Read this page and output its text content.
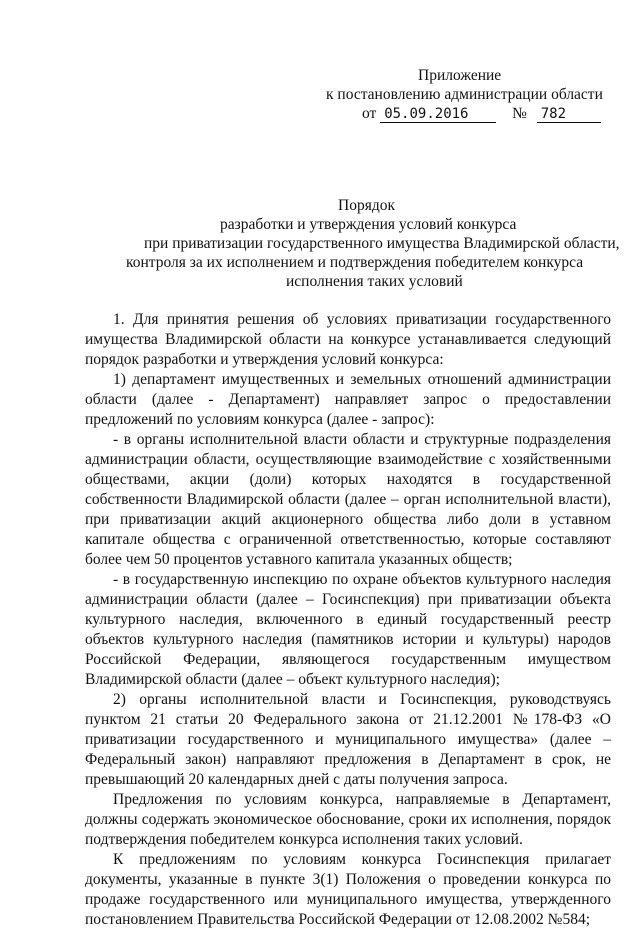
Приложение
к постановлению администрации области
от 05.09.2016	№ 782
Порядок
разработки и утверждения условий конкурса
при приватизации государственного имущества Владимирской области,
контроля за их исполнением и подтверждения победителем конкурса
исполнения таких условий

1. Для принятия решения об условиях приватизации государственного имущества Владимирской области на конкурсе устанавливается следующий порядок разработки и утверждения условий конкурса:

1) департамент имущественных и земельных отношений администрации области (далее - Департамент) направляет запрос о предоставлении предложений по условиям конкурса (далее - запрос):

- в органы исполнительной власти области и структурные подразделения администрации области, осуществляющие взаимодействие с хозяйственными обществами, акции (доли) которых находятся в государственной собственности Владимирской области (далее – орган исполнительной власти), при приватизации акций акционерного общества либо доли в уставном капитале общества с ограниченной ответственностью, которые составляют более чем 50 процентов уставного капитала указанных обществ;

- в государственную инспекцию по охране объектов культурного наследия администрации области (далее – Госинспекция) при приватизации объекта культурного наследия, включенного в единый государственный реестр объектов культурного наследия (памятников истории и культуры) народов Российской Федерации, являющегося государственным имуществом Владимирской области (далее – объект культурного наследия);

2) органы исполнительной власти и Госинспекция, руководствуясь пунктом 21 статьи 20 Федерального закона от 21.12.2001 №178-ФЗ «О приватизации государственного и муниципального имущества» (далее – Федеральный закон) направляют предложения в Департамент в срок, не превышающий 20 календарных дней с даты получения запроса.

Предложения по условиям конкурса, направляемые в Департамент, должны содержать экономическое обоснование, сроки их исполнения, порядок подтверждения победителем конкурса исполнения таких условий.

К предложениям по условиям конкурса Госинспекция прилагает документы, указанные в пункте 3(1) Положения о проведении конкурса по продаже государственного или муниципального имущества, утвержденного постановлением Правительства Российской Федерации от 12.08.2002 №584;
